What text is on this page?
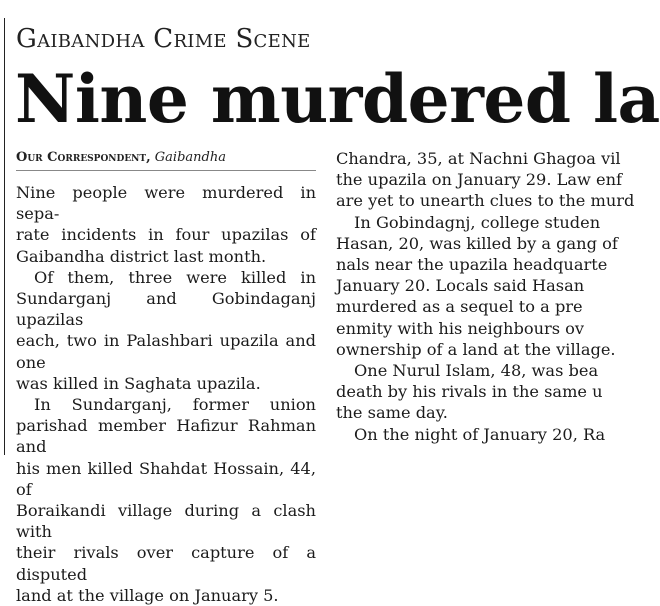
Gaibandha Crime Scene
Nine murdered la
Our Correspondent, Gaibandha
Nine people were murdered in sepa-
rate incidents in four upazilas of
Gaibandha district last month.
Of them, three were killed in
Sundarganj and Gobindaganj upazilas
each, two in Palashbari upazila and one
was killed in Saghata upazila.
In Sundarganj, former union
parishad member Hafizur Rahman and
his men killed Shahdat Hossain, 44, of
Boraikandi village during a clash with
their rivals over capture of a disputed
land at the village on January 5.
Chandra, 35, at Nachni Ghagoa vil
the upazila on January 29. Law enf
are yet to unearth clues to the murd
In Gobindagnj, college studen
Hasan, 20, was killed by a gang of
nals near the upazila headquarte
January 20. Locals said Hasan
murdered as a sequel to a pre
enmity with his neighbours ov
ownership of a land at the village.
One Nurul Islam, 48, was bea
death by his rivals in the same u
the same day.
On the night of January 20, Ra
